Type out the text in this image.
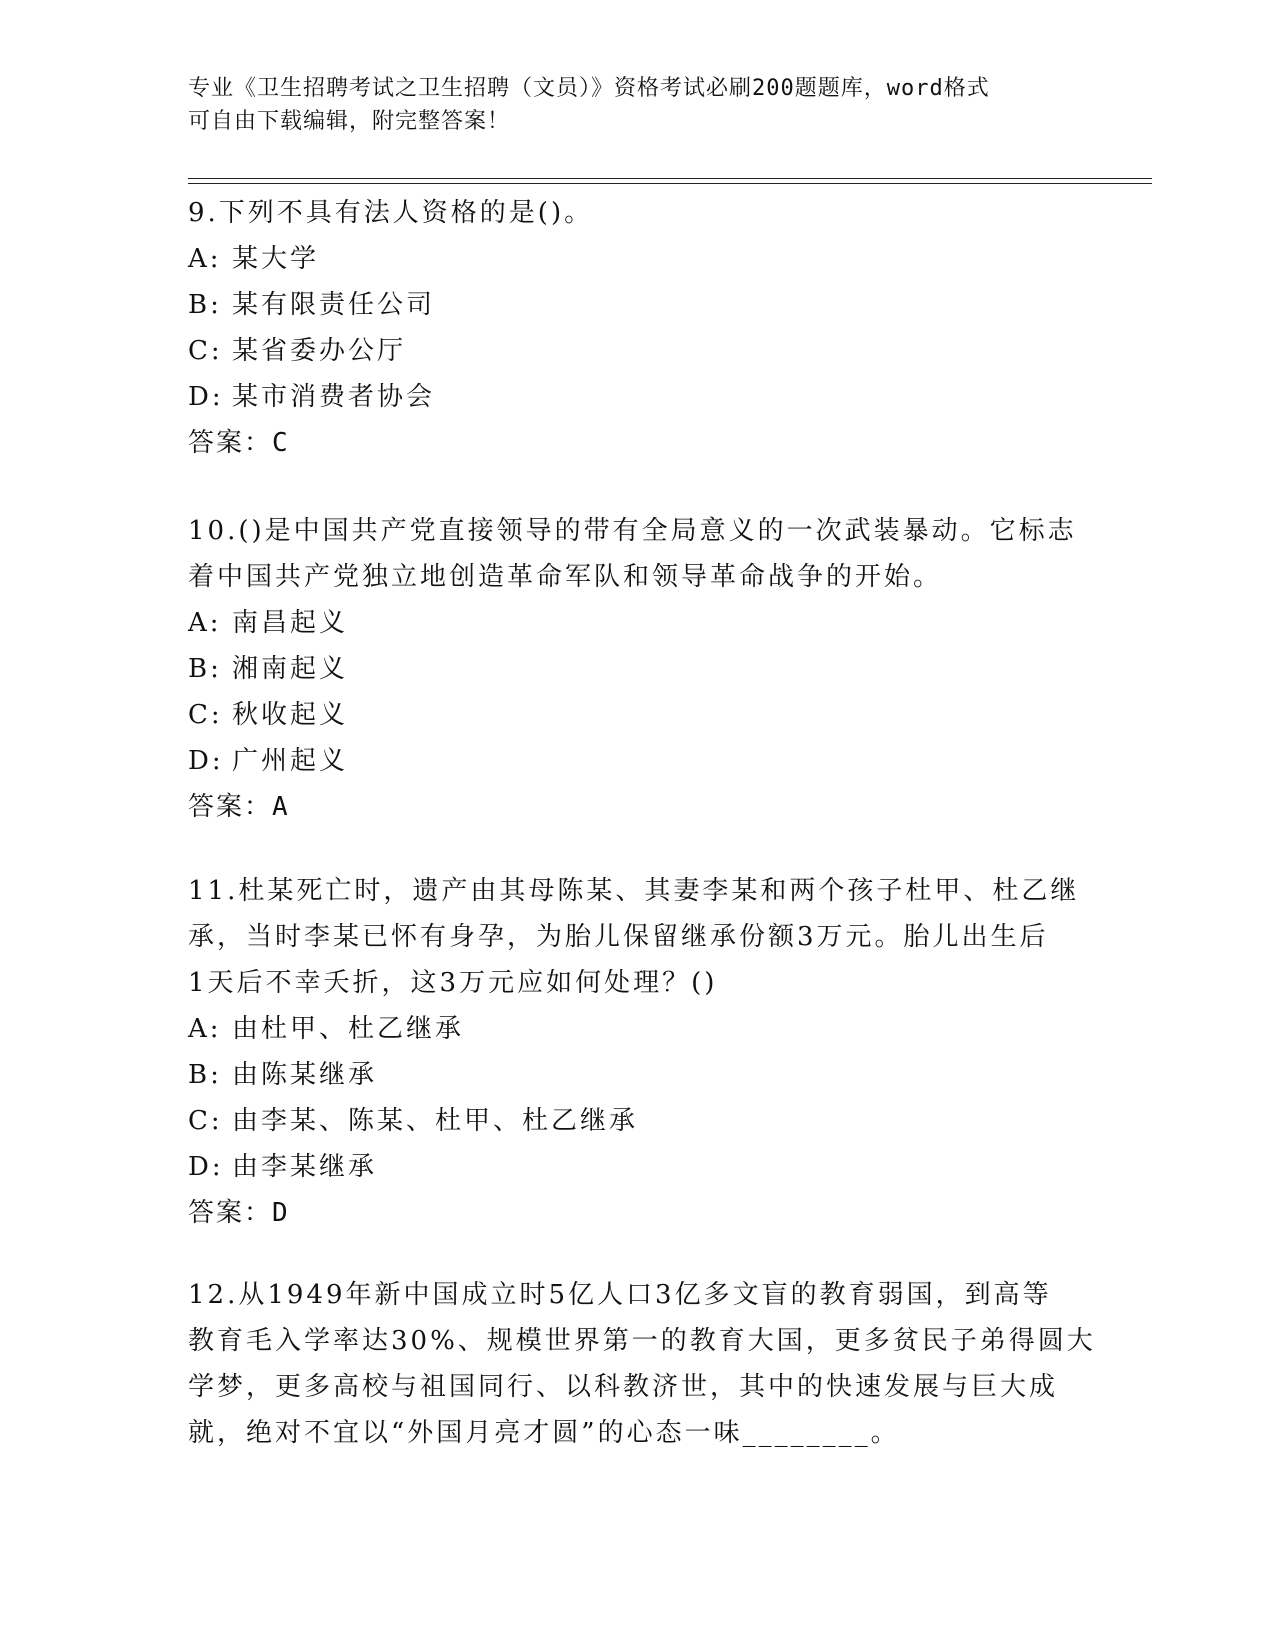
专业《卫生招聘考试之卫生招聘（文员）》资格考试必刷200题题库，word格式
可自由下载编辑，附完整答案！
9.下列不具有法人资格的是()。
A: 某大学
B: 某有限责任公司
C: 某省委办公厅
D: 某市消费者协会
答案：C
10.()是中国共产党直接领导的带有全局意义的一次武装暴动。它标志
着中国共产党独立地创造革命军队和领导革命战争的开始。
A: 南昌起义
B: 湘南起义
C: 秋收起义
D: 广州起义
答案：A
11.杜某死亡时，遗产由其母陈某、其妻李某和两个孩子杜甲、杜乙继
承，当时李某已怀有身孕，为胎儿保留继承份额3万元。胎儿出生后
1天后不幸夭折，这3万元应如何处理？()
A: 由杜甲、杜乙继承
B: 由陈某继承
C: 由李某、陈某、杜甲、杜乙继承
D: 由李某继承
答案：D
12.从1949年新中国成立时5亿人口3亿多文盲的教育弱国，到高等
教育毛入学率达30%、规模世界第一的教育大国，更多贫民子弟得圆大
学梦，更多高校与祖国同行、以科教济世，其中的快速发展与巨大成
就，绝对不宜以“外国月亮才圆”的心态一味________。
